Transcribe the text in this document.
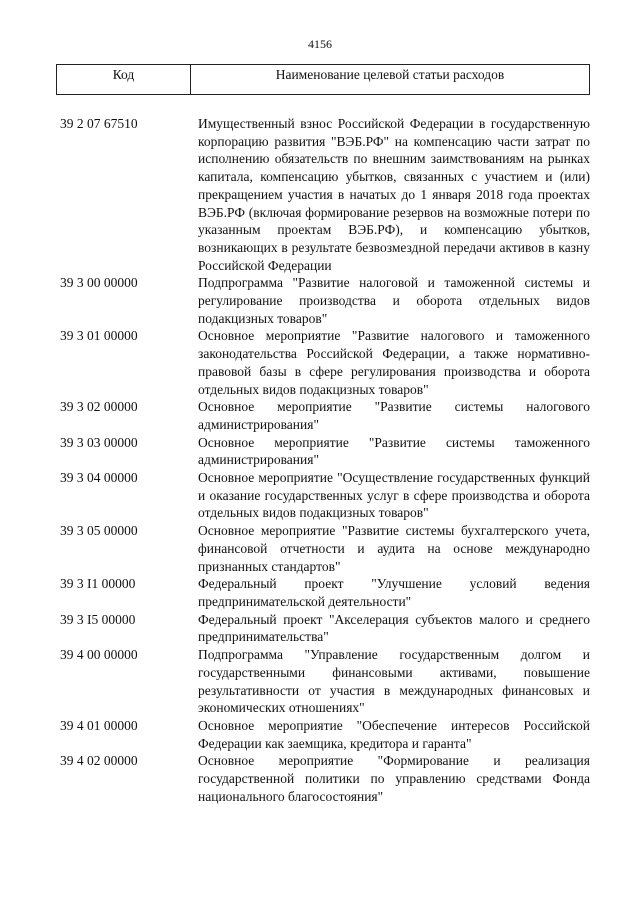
4156
Код	Наименование целевой статьи расходов
39 2 07 67510	Имущественный взнос Российской Федерации в государственную корпорацию развития "ВЭБ.РФ" на компенсацию части затрат по исполнению обязательств по внешним заимствованиям на рынках капитала, компенсацию убытков, связанных с участием и (или) прекращением участия в начатых до 1 января 2018 года проектах ВЭБ.РФ (включая формирование резервов на возможные потери по указанным проектам ВЭБ.РФ), и компенсацию убытков, возникающих в результате безвозмездной передачи активов в казну Российской Федерации
39 3 00 00000	Подпрограмма "Развитие налоговой и таможенной системы и регулирование производства и оборота отдельных видов подакцизных товаров"
39 3 01 00000	Основное мероприятие "Развитие налогового и таможенного законодательства Российской Федерации, а также нормативно-правовой базы в сфере регулирования производства и оборота отдельных видов подакцизных товаров"
39 3 02 00000	Основное мероприятие "Развитие системы налогового администрирования"
39 3 03 00000	Основное мероприятие "Развитие системы таможенного администрирования"
39 3 04 00000	Основное мероприятие "Осуществление государственных функций и оказание государственных услуг в сфере производства и оборота отдельных видов подакцизных товаров"
39 3 05 00000	Основное мероприятие "Развитие системы бухгалтерского учета, финансовой отчетности и аудита на основе международно признанных стандартов"
39 3 I1 00000	Федеральный проект "Улучшение условий ведения предпринимательской деятельности"
39 3 I5 00000	Федеральный проект "Акселерация субъектов малого и среднего предпринимательства"
39 4 00 00000	Подпрограмма "Управление государственным долгом и государственными финансовыми активами, повышение результативности от участия в международных финансовых и экономических отношениях"
39 4 01 00000	Основное мероприятие "Обеспечение интересов Российской Федерации как заемщика, кредитора и гаранта"
39 4 02 00000	Основное мероприятие "Формирование и реализация государственной политики по управлению средствами Фонда национального благосостояния"
